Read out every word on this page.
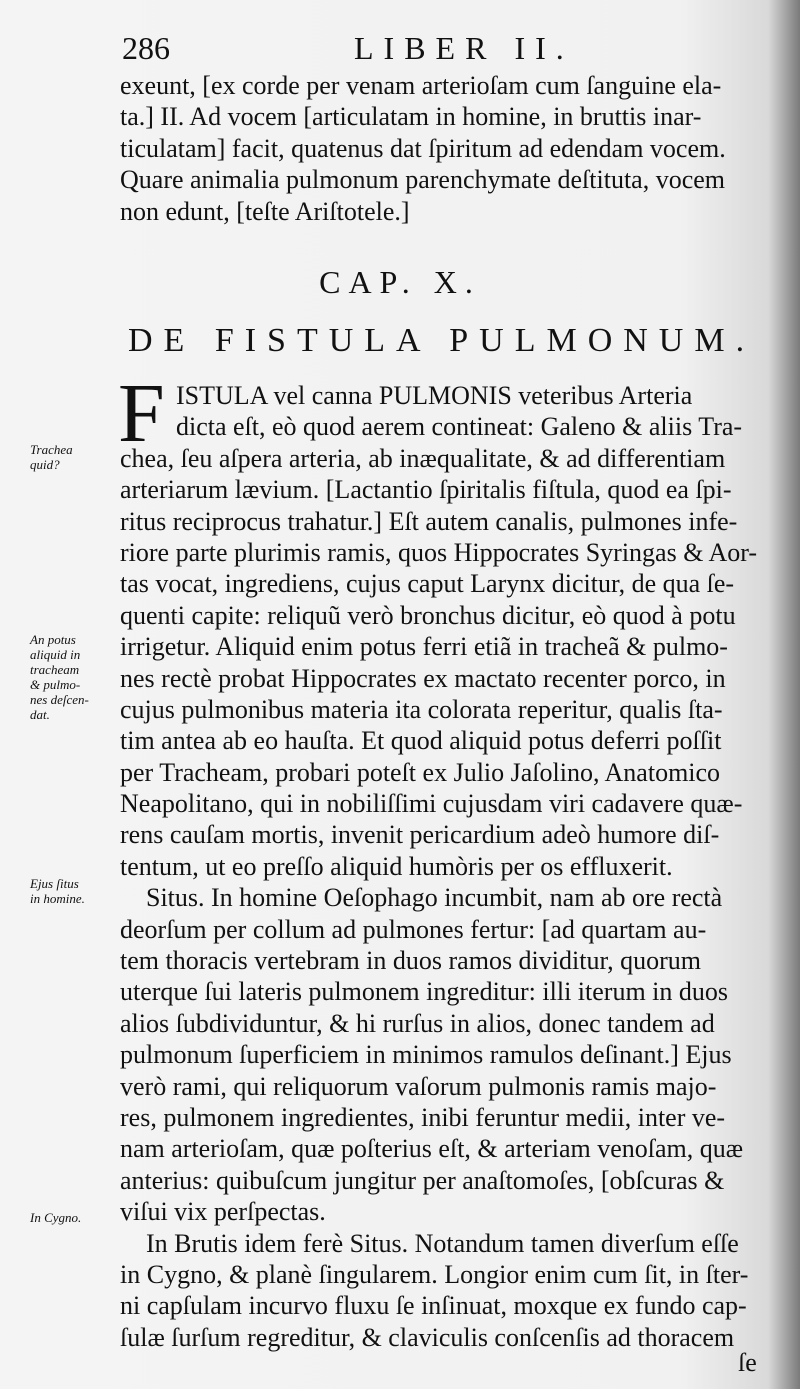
286	LIBER II.
exeunt, [ex corde per venam arterioſam cum ſanguine ela-
ta.] II. Ad vocem [articulatam in homine, in bruttis inar-
ticulatam] facit, quatenus dat ſpiritum ad edendam vocem.
Quare animalia pulmonum parenchymate deſtituta, vocem
non edunt, [teſte Ariſtotele.]
CAP. X.
DE FISTULA PULMONUM.
F ISTULA vel canna PULMONIS veteribus Arteria
dicta eſt, eò quod aerem contineat: Galeno & aliis Tra-
chea, ſeu aſpera arteria, ab inæqualitate, & ad differentiam
arteriarum lævium. [Lactantio ſpiritalis fiſtula, quod ea ſpi-
ritus reciprocus trahatur.] Eſt autem canalis, pulmones infe-
riore parte plurimis ramis, quos Hippocrates Syringas & Aor-
tas vocat, ingrediens, cujus caput Larynx dicitur, de qua ſe-
quenti capite: reliquũ verò bronchus dicitur, eò quod à potu
irrigetur. Aliquid enim potus ferri etiã in tracheã & pulmo-
nes rectè probat Hippocrates ex mactato recenter porco, in
cujus pulmonibus materia ita colorata reperitur, qualis ſta-
tim antea ab eo hauſta. Et quod aliquid potus deferri poſſit
per Tracheam, probari poteſt ex Julio Jaſolino, Anatomico
Neapolitano, qui in nobiliſſimi cujusdam viri cadavere quæ-
rens cauſam mortis, invenit pericardium adeò humore diſ-
tentum, ut eo preſſo aliquid humòris per os effluxerit.
Situs. In homine Oeſophago incumbit, nam ab ore rectà
deorſum per collum ad pulmones fertur: [ad quartam au-
tem thoracis vertebram in duos ramos dividitur, quorum
uterque ſui lateris pulmonem ingreditur: illi iterum in duos
alios ſubdividuntur, & hi rurſus in alios, donec tandem ad
pulmonum ſuperficiem in minimos ramulos deſinant.] Ejus
verò rami, qui reliquorum vaſorum pulmonis ramis majo-
res, pulmonem ingredientes, inibi feruntur medii, inter ve-
nam arterioſam, quæ poſterius eſt, & arteriam venoſam, quæ
anterius: quibuſcum jungitur per anaſtomoſes, [obſcuras &
viſui vix perſpectas.
In Brutis idem ferè Situs. Notandum tamen diverſum eſſe
in Cygno, & planè ſingularem. Longior enim cum ſit, in ſter-
ni capſulam incurvo fluxu ſe inſinuat, moxque ex fundo cap-
ſulæ ſurſum regreditur, & claviculis conſcenſis ad thoracem
Trachea
quid?
An potus
aliquid in
tracheam
& pulmo-
nes deſcen-
dat.
Ejus ſitus
in homine.
In Cygno.
ſe
